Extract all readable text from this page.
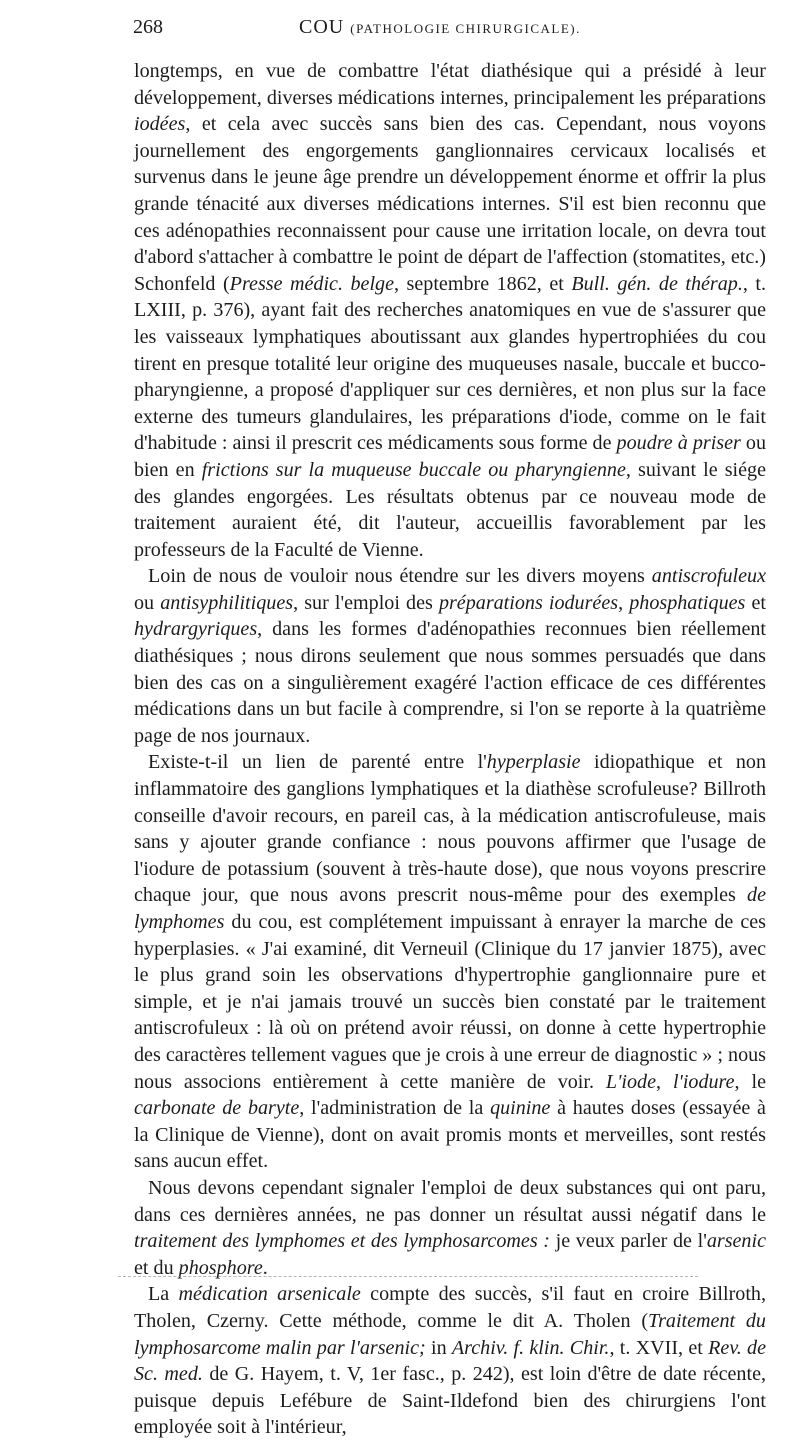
268	COU (PATHOLOGIE CHIRURGICALE).

longtemps, en vue de combattre l'état diathésique qui a présidé à leur développement, diverses médications internes, principalement les préparations iodées, et cela avec succès sans bien des cas. Cependant, nous voyons journellement des engorgements ganglionnaires cervicaux localisés et survenus dans le jeune âge prendre un développement énorme et offrir la plus grande ténacité aux diverses médications internes. S'il est bien reconnu que ces adénopathies reconnaissent pour cause une irritation locale, on devra tout d'abord s'attacher à combattre le point de départ de l'affection (stomatites, etc.) Schonfeld (Presse médic. belge, septembre 1862, et Bull. gén. de thérap., t. LXIII, p. 376), ayant fait des recherches anatomiques en vue de s'assurer que les vaisseaux lymphatiques aboutissant aux glandes hypertrophiées du cou tirent en presque totalité leur origine des muqueuses nasale, buccale et bucco-pharyngienne, a proposé d'appliquer sur ces dernières, et non plus sur la face externe des tumeurs glandulaires, les préparations d'iode, comme on le fait d'habitude : ainsi il prescrit ces médicaments sous forme de poudre à priser ou bien en frictions sur la muqueuse buccale ou pharyngienne, suivant le siége des glandes engorgées. Les résultats obtenus par ce nouveau mode de traitement auraient été, dit l'auteur, accueillis favorablement par les professeurs de la Faculté de Vienne.

Loin de nous de vouloir nous étendre sur les divers moyens antiscrofuleux ou antisyphilitiques, sur l'emploi des préparations iodurées, phosphatiques et hydrargyriques, dans les formes d'adénopathies reconnues bien réellement diathésiques ; nous dirons seulement que nous sommes persuadés que dans bien des cas on a singulièrement exagéré l'action efficace de ces différentes médications dans un but facile à comprendre, si l'on se reporte à la quatrième page de nos journaux.

Existe-t-il un lien de parenté entre l'hyperplasie idiopathique et non inflammatoire des ganglions lymphatiques et la diathèse scrofuleuse? Billroth conseille d'avoir recours, en pareil cas, à la médication antiscrofuleuse, mais sans y ajouter grande confiance : nous pouvons affirmer que l'usage de l'iodure de potassium (souvent à très-haute dose), que nous voyons prescrire chaque jour, que nous avons prescrit nous-même pour des exemples de lymphomes du cou, est complétement impuissant à enrayer la marche de ces hyperplasies. « J'ai examiné, dit Verneuil (Clinique du 17 janvier 1875), avec le plus grand soin les observations d'hypertrophie ganglionnaire pure et simple, et je n'ai jamais trouvé un succès bien constaté par le traitement antiscrofuleux : là où on prétend avoir réussi, on donne à cette hypertrophie des caractères tellement vagues que je crois à une erreur de diagnostic » ; nous nous associons entièrement à cette manière de voir. L'iode, l'iodure, le carbonate de baryte, l'administration de la quinine à hautes doses (essayée à la Clinique de Vienne), dont on avait promis monts et merveilles, sont restés sans aucun effet.

Nous devons cependant signaler l'emploi de deux substances qui ont paru, dans ces dernières années, ne pas donner un résultat aussi négatif dans le traitement des lymphomes et des lymphosarcomes : je veux parler de l'arsenic et du phosphore.

La médication arsenicale compte des succès, s'il faut en croire Billroth, Tholen, Czerny. Cette méthode, comme le dit A. Tholen (Traitement du lymphosarcome malin par l'arsenic; in Archiv. f. klin. Chir., t. XVII, et Rev. de Sc. med. de G. Hayem, t. V, 1er fasc., p. 242), est loin d'être de date récente, puisque depuis Lefébure de Saint-Ildefond bien des chirurgiens l'ont employée soit à l'intérieur,
